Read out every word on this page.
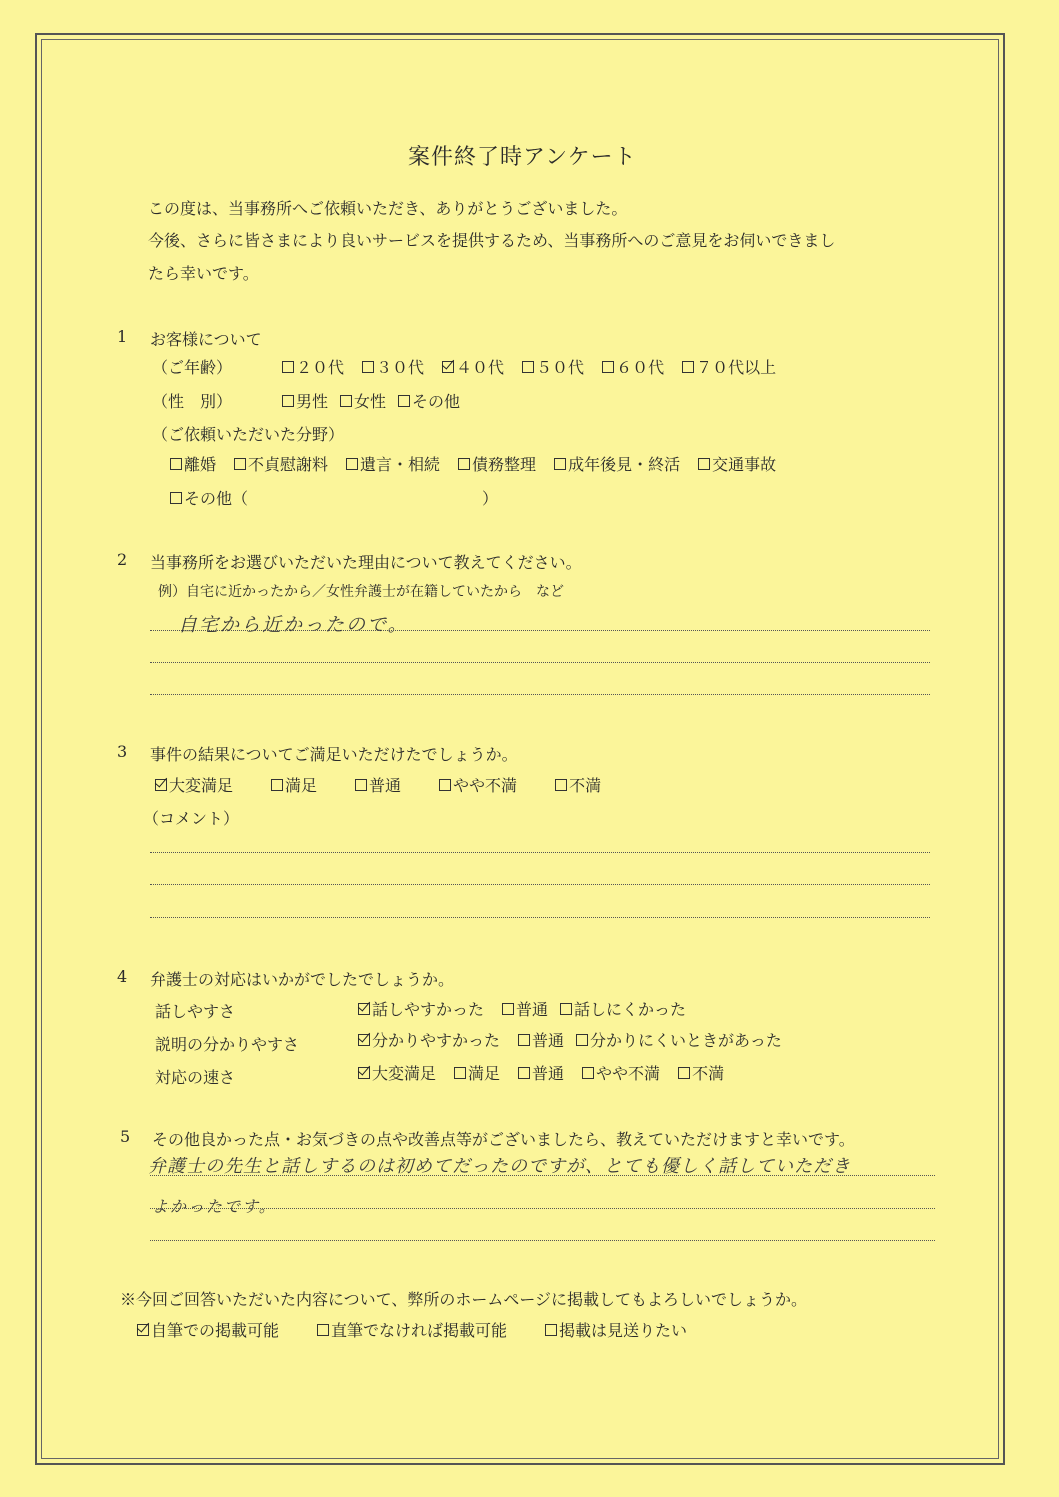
案件終了時アンケート
この度は、当事務所へご依頼いただき、ありがとうございました。
今後、さらに皆さまにより良いサービスを提供するため、当事務所へのご意見をお伺いできまし
たら幸いです。
1 お客様について
（ご年齢）	２０代 ３０代 ４０代 ５０代 ６０代 ７０代以上
（性　別）	男性 女性 その他
（ご依頼いただいた分野）
離婚 不貞慰謝料 遺言・相続 債務整理 成年後見・終活 交通事故
その他（	）
2 当事務所をお選びいただいた理由について教えてください。
例）自宅に近かったから／女性弁護士が在籍していたから　など
自宅から近かったので。
3 事件の結果についてご満足いただけたでしょうか。
大変満足	満足	普通	やや不満	不満
（コメント）
4 弁護士の対応はいかがでしたでしょうか。
話しやすさ	話しやすかった 普通 話しにくかった
説明の分かりやすさ	分かりやすかった 普通 分かりにくいときがあった
対応の速さ	大変満足 満足 普通 やや不満 不満
5 その他良かった点・お気づきの点や改善点等がございましたら、教えていただけますと幸いです。
弁護士の先生と話しするのは初めてだったのですが、とても優しく話していただき
よかったです。
※今回ご回答いただいた内容について、弊所のホームページに掲載してもよろしいでしょうか。
自筆での掲載可能	直筆でなければ掲載可能	掲載は見送りたい
